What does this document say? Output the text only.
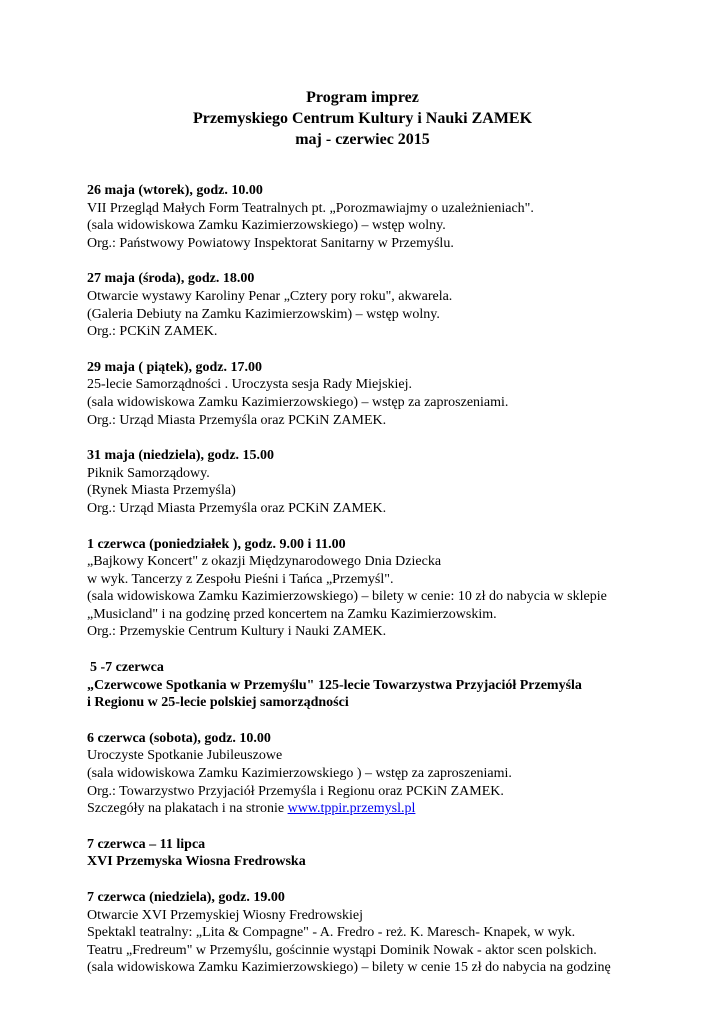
Program imprez
Przemyskiego Centrum Kultury i Nauki ZAMEK
maj - czerwiec 2015
26 maja (wtorek), godz. 10.00
VII Przegląd Małych Form Teatralnych pt. „Porozmawiajmy o uzależnieniach".
(sala widowiskowa Zamku Kazimierzowskiego) – wstęp wolny.
Org.: Państwowy Powiatowy Inspektorat Sanitarny w Przemyślu.
27 maja (środa), godz. 18.00
Otwarcie wystawy Karoliny Penar „Cztery pory roku", akwarela.
(Galeria Debiuty na Zamku Kazimierzowskim) – wstęp wolny.
Org.: PCKiN ZAMEK.
29 maja ( piątek), godz. 17.00
25-lecie Samorządności . Uroczysta sesja Rady Miejskiej.
(sala widowiskowa Zamku Kazimierzowskiego) – wstęp za zaproszeniami.
Org.: Urząd Miasta Przemyśla oraz PCKiN ZAMEK.
31 maja (niedziela), godz. 15.00
Piknik Samorządowy.
(Rynek Miasta Przemyśla)
Org.: Urząd Miasta Przemyśla oraz PCKiN ZAMEK.
1 czerwca (poniedziałek ), godz. 9.00 i 11.00
„Bajkowy Koncert" z okazji Międzynarodowego Dnia Dziecka
w wyk. Tancerzy z Zespołu Pieśni i Tańca „Przemyśl".
(sala widowiskowa Zamku Kazimierzowskiego) – bilety w cenie: 10 zł do nabycia w sklepie
„Musicland" i na godzinę przed koncertem na Zamku Kazimierzowskim.
Org.: Przemyskie Centrum Kultury i Nauki ZAMEK.
5 -7 czerwca
„Czerwcowe Spotkania w Przemyślu" 125-lecie Towarzystwa Przyjaciół Przemyśla
i Regionu w 25-lecie polskiej samorządności
6 czerwca (sobota), godz. 10.00
Uroczyste Spotkanie Jubileuszowe
(sala widowiskowa Zamku Kazimierzowskiego ) – wstęp za zaproszeniami.
Org.: Towarzystwo Przyjaciół Przemyśla i Regionu oraz PCKiN ZAMEK.
Szczegóły na plakatach i na stronie www.tppir.przemysl.pl
7 czerwca – 11 lipca
XVI Przemyska Wiosna Fredrowska
7 czerwca (niedziela), godz. 19.00
Otwarcie XVI Przemyskiej Wiosny Fredrowskiej
Spektakl teatralny: „Lita & Compagne" - A. Fredro - reż. K. Maresch- Knapek, w wyk.
Teatru „Fredreum" w Przemyślu, gościnnie wystąpi Dominik Nowak - aktor scen polskich.
(sala widowiskowa Zamku Kazimierzowskiego) – bilety w cenie 15 zł do nabycia na godzinę
